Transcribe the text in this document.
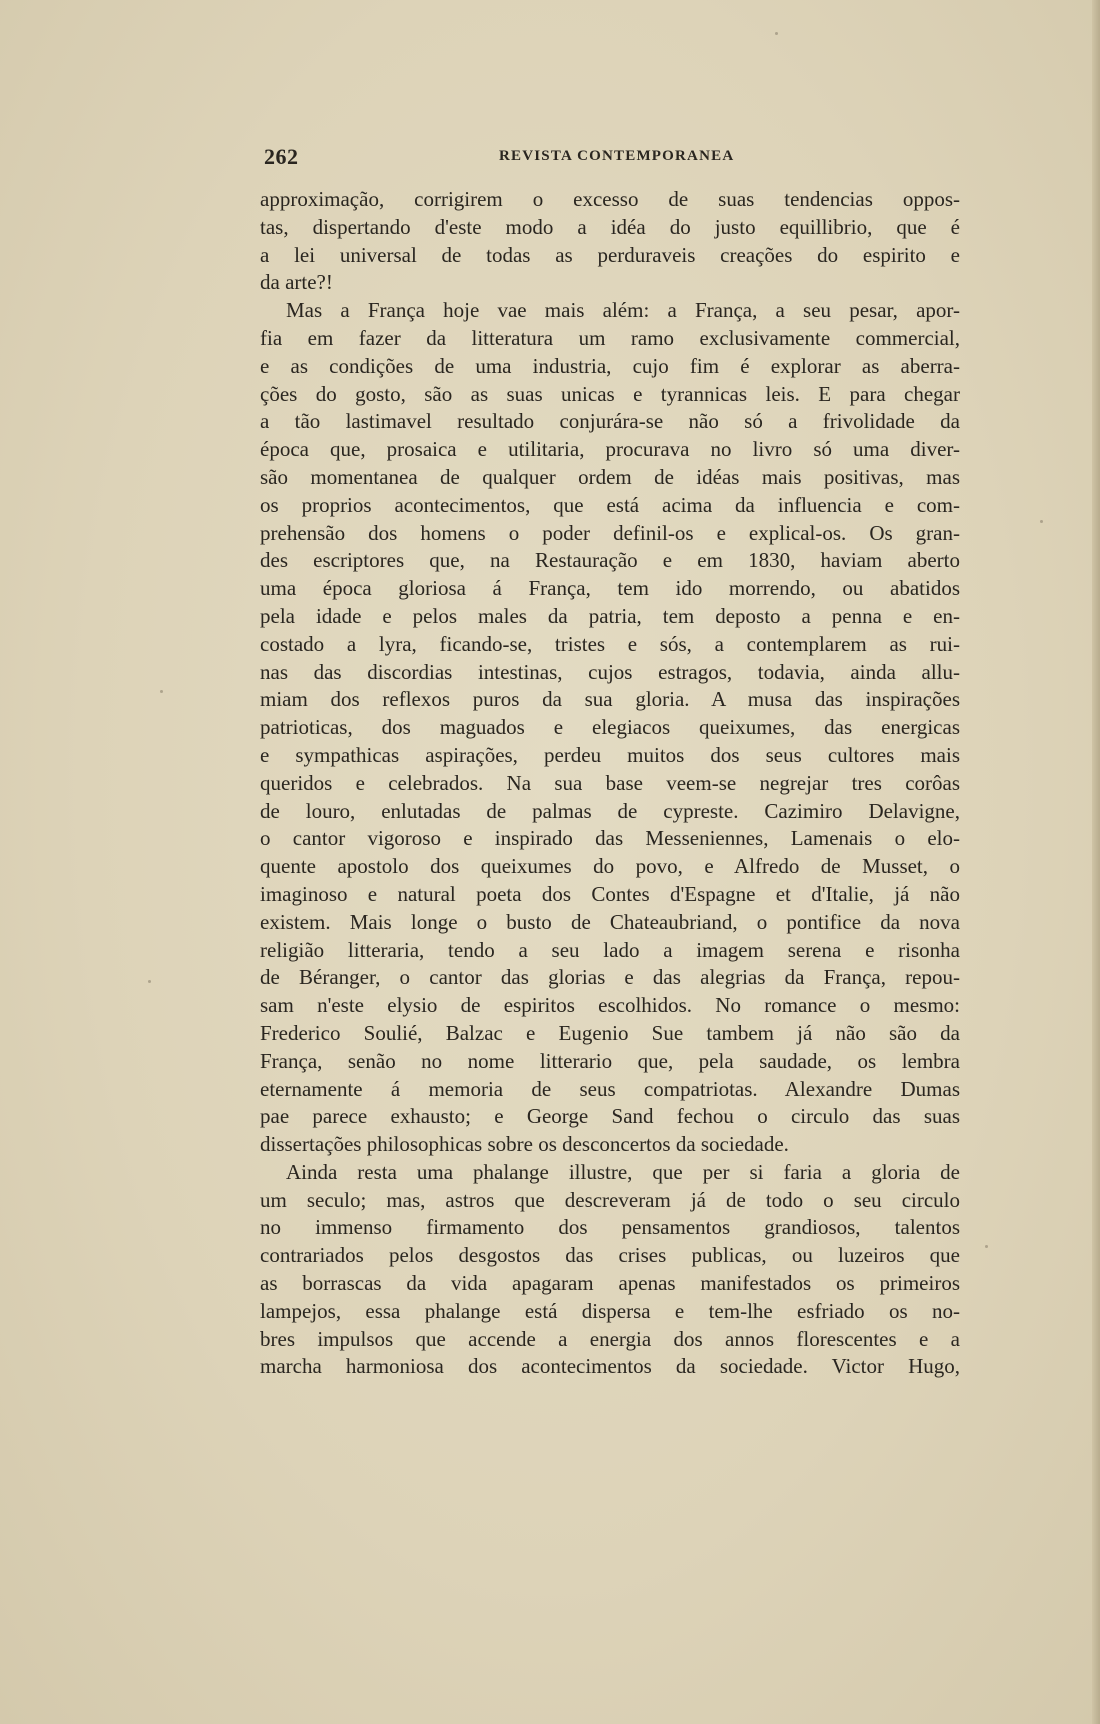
262	REVISTA CONTEMPORANEA
approximação, corrigirem o excesso de suas tendencias oppos-
tas, dispertando d'este modo a idéa do justo equillibrio, que é
a lei universal de todas as perduraveis creações do espirito e
da arte?!
Mas a França hoje vae mais além: a França, a seu pesar, apor-
fia em fazer da litteratura um ramo exclusivamente commercial,
e as condições de uma industria, cujo fim é explorar as aberra-
ções do gosto, são as suas unicas e tyrannicas leis. E para chegar
a tão lastimavel resultado conjurára-se não só a frivolidade da
época que, prosaica e utilitaria, procurava no livro só uma diver-
são momentanea de qualquer ordem de idéas mais positivas, mas
os proprios acontecimentos, que está acima da influencia e com-
prehensão dos homens o poder definil-os e explical-os. Os gran-
des escriptores que, na Restauração e em 1830, haviam aberto
uma época gloriosa á França, tem ido morrendo, ou abatidos
pela idade e pelos males da patria, tem deposto a penna e en-
costado a lyra, ficando-se, tristes e sós, a contemplarem as rui-
nas das discordias intestinas, cujos estragos, todavia, ainda allu-
miam dos reflexos puros da sua gloria. A musa das inspirações
patrioticas, dos maguados e elegiacos queixumes, das energicas
e sympathicas aspirações, perdeu muitos dos seus cultores mais
queridos e celebrados. Na sua base veem-se negrejar tres corôas
de louro, enlutadas de palmas de cypreste. Cazimiro Delavigne,
o cantor vigoroso e inspirado das Messeniennes, Lamenais o elo-
quente apostolo dos queixumes do povo, e Alfredo de Musset, o
imaginoso e natural poeta dos Contes d'Espagne et d'Italie, já não
existem. Mais longe o busto de Chateaubriand, o pontifice da nova
religião litteraria, tendo a seu lado a imagem serena e risonha
de Béranger, o cantor das glorias e das alegrias da França, repou-
sam n'este elysio de espiritos escolhidos. No romance o mesmo:
Frederico Soulié, Balzac e Eugenio Sue tambem já não são da
França, senão no nome litterario que, pela saudade, os lembra
eternamente á memoria de seus compatriotas. Alexandre Dumas
pae parece exhausto; e George Sand fechou o circulo das suas
dissertações philosophicas sobre os desconcertos da sociedade.
Ainda resta uma phalange illustre, que per si faria a gloria de
um seculo; mas, astros que descreveram já de todo o seu circulo
no immenso firmamento dos pensamentos grandiosos, talentos
contrariados pelos desgostos das crises publicas, ou luzeiros que
as borrascas da vida apagaram apenas manifestados os primeiros
lampejos, essa phalange está dispersa e tem-lhe esfriado os no-
bres impulsos que accende a energia dos annos florescentes e a
marcha harmoniosa dos acontecimentos da sociedade. Victor Hugo,
